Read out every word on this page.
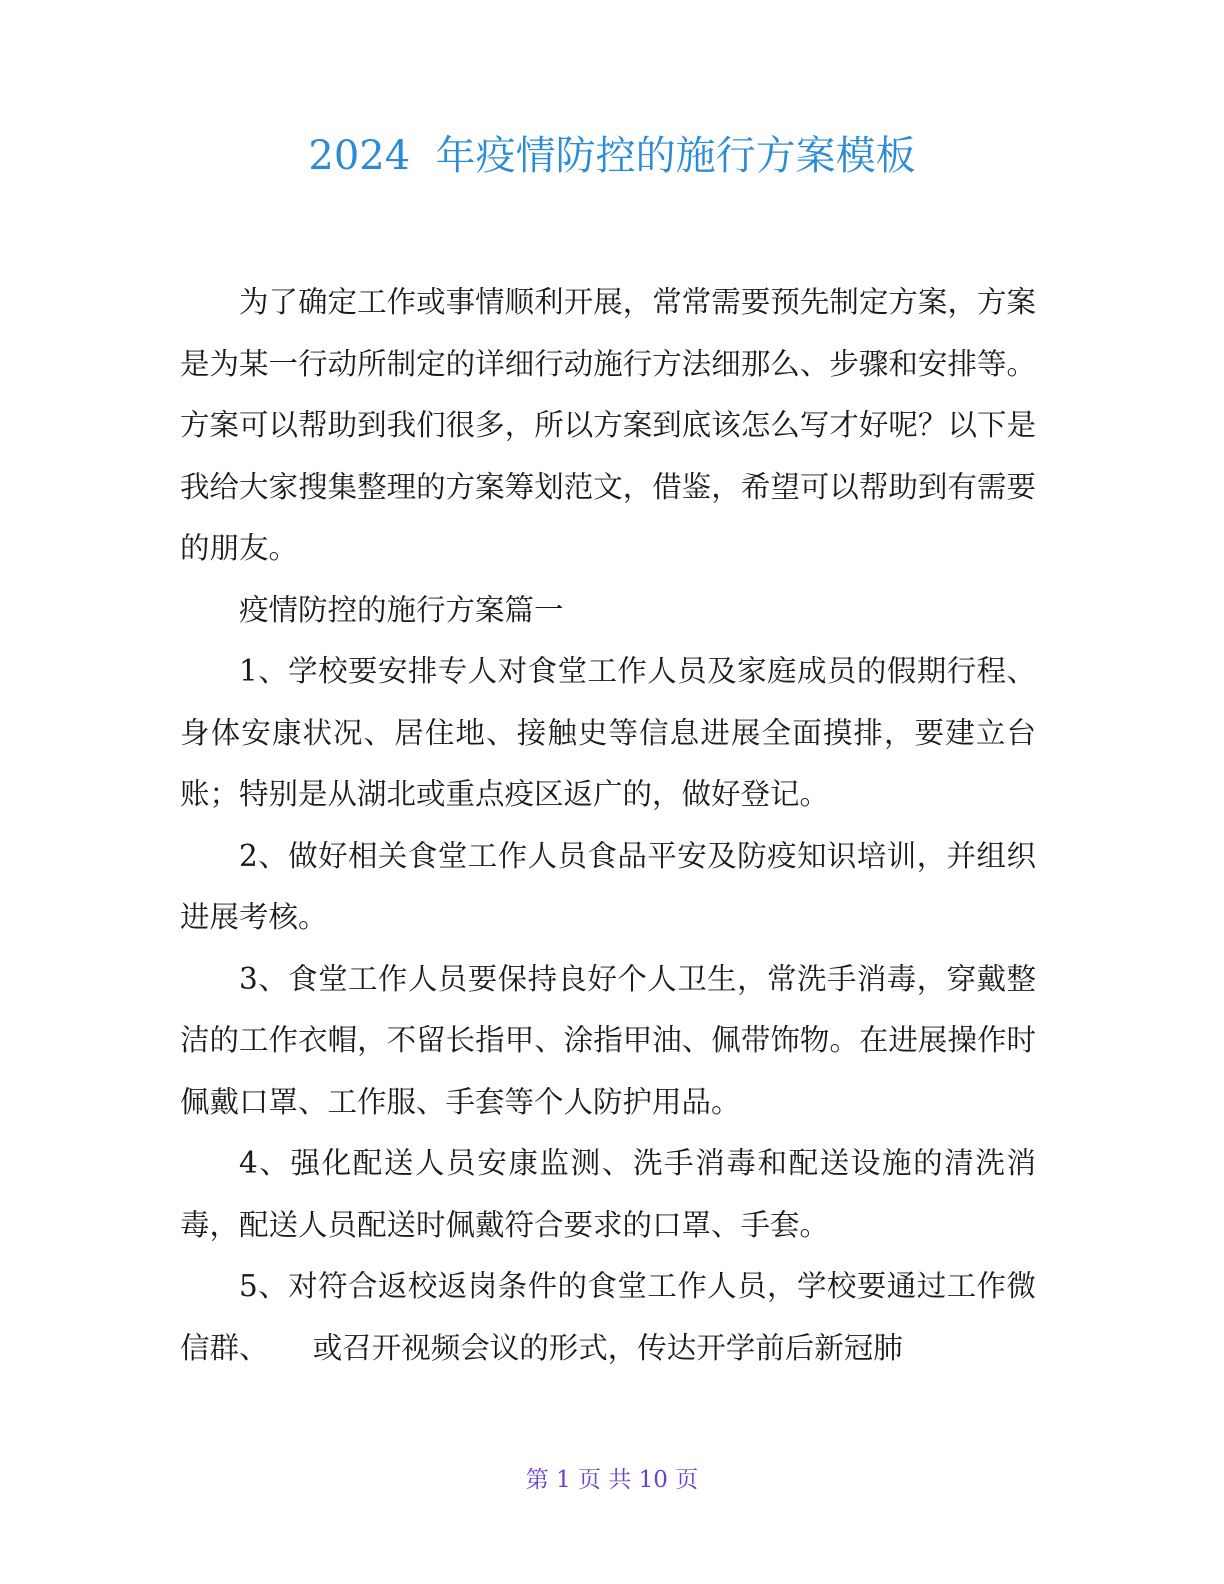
2024  年疫情防控的施行方案模板

为了确定工作或事情顺利开展，常常需要预先制定方案，方案是为某一行动所制定的详细行动施行方法细那么、步骤和安排等。方案可以帮助到我们很多，所以方案到底该怎么写才好呢？以下是我给大家搜集整理的方案筹划范文，借鉴，希望可以帮助到有需要的朋友。

疫情防控的施行方案篇一

1、学校要安排专人对食堂工作人员及家庭成员的假期行程、身体安康状况、居住地、接触史等信息进展全面摸排，要建立台账；特别是从湖北或重点疫区返广的，做好登记。

2、做好相关食堂工作人员食品平安及防疫知识培训，并组织进展考核。

3、食堂工作人员要保持良好个人卫生，常洗手消毒，穿戴整洁的工作衣帽，不留长指甲、涂指甲油、佩带饰物。在进展操作时佩戴口罩、工作服、手套等个人防护用品。

4、强化配送人员安康监测、洗手消毒和配送设施的清洗消毒，配送人员配送时佩戴符合要求的口罩、手套。

5、对符合返校返岗条件的食堂工作人员，学校要通过工作微信群、　　或召开视频会议的形式，传达开学前后新冠肺

第 1 页 共 10 页
